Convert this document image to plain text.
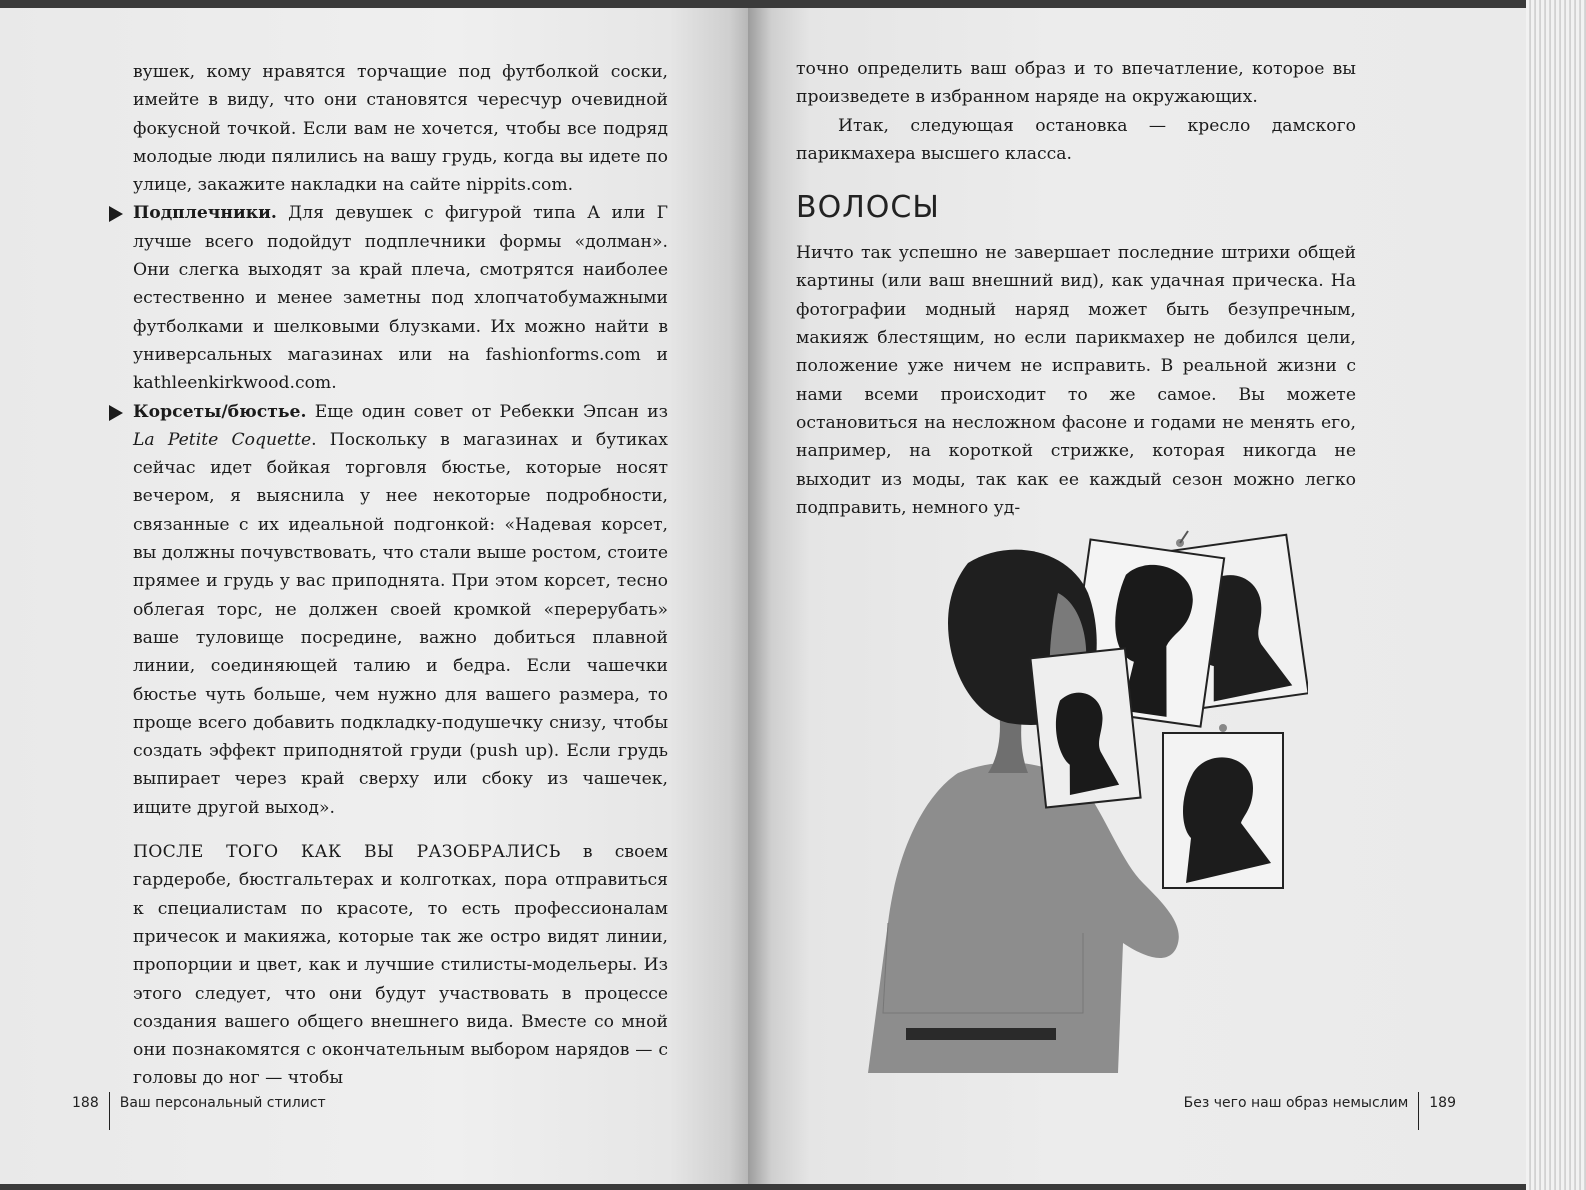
вушек, кому нравятся торчащие под футболкой соски, имейте в виду, что они становятся чересчур очевидной фокусной точкой. Если вам не хочется, чтобы все подряд молодые люди пялились на вашу грудь, когда вы идете по улице, закажите накладки на сайте nippits.com.

Подплечники. Для девушек с фигурой типа А или Г лучше всего подойдут подплечники формы «долман». Они слегка выходят за край плеча, смотрятся наиболее естественно и менее заметны под хлопчатобумажными футболками и шелковыми блузками. Их можно найти в универсальных магазинах или на fashionforms.com и kathleenkirkwood.com.

Корсеты/бюстье. Еще один совет от Ребекки Эпсан из La Petite Coquette. Поскольку в магазинах и бутиках сейчас идет бойкая торговля бюстье, которые носят вечером, я выяснила у нее некоторые подробности, связанные с их идеальной подгонкой: «Надевая корсет, вы должны почувствовать, что стали выше ростом, стоите прямее и грудь у вас приподнята. При этом корсет, тесно облегая торс, не должен своей кромкой «перерубать» ваше туловище посредине, важно добиться плавной линии, соединяющей талию и бедра. Если чашечки бюстье чуть больше, чем нужно для вашего размера, то проще всего добавить подкладку-подушечку снизу, чтобы создать эффект приподнятой груди (push up). Если грудь выпирает через край сверху или сбоку из чашечек, ищите другой выход».

ПОСЛЕ ТОГО КАК ВЫ РАЗОБРАЛИСЬ в своем гардеробе, бюстгальтерах и колготках, пора отправиться к специалистам по красоте, то есть профессионалам причесок и макияжа, которые так же остро видят линии, пропорции и цвет, как и лучшие стилисты-модельеры. Из этого следует, что они будут участвовать в процессе создания вашего общего внешнего вида. Вместе со мной они познакомятся с окончательным выбором нарядов — с головы до ног — чтобы

188 Ваш персональный стилист

точно определить ваш образ и то впечатление, которое вы произведете в избранном наряде на окружающих.

Итак, следующая остановка — кресло дамского парикмахера высшего класса.

ВОЛОСЫ

Ничто так успешно не завершает последние штрихи общей картины (или ваш внешний вид), как удачная прическа. На фотографии модный наряд может быть безупречным, макияж блестящим, но если парикмахер не добился цели, положение уже ничем не исправить. В реальной жизни с нами всеми происходит то же самое. Вы можете остановиться на несложном фасоне и годами не менять его, например, на короткой стрижке, которая никогда не выходит из моды, так как ее каждый сезон можно легко подправить, немного уд-

Без чего наш образ немыслим 189
